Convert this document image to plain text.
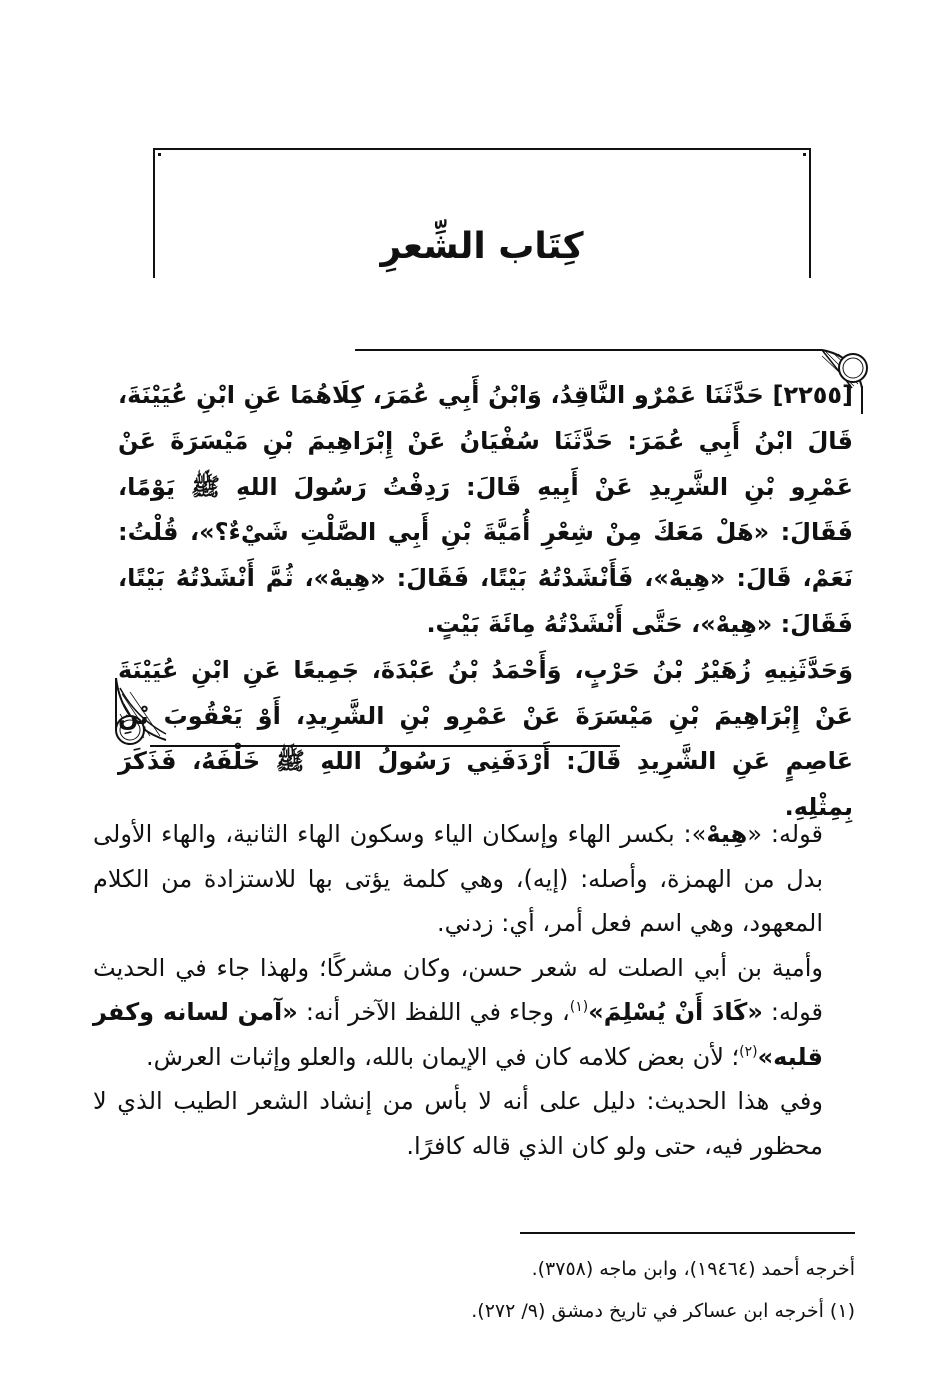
كِتَاب الشِّعرِ

[٢٢٥٥] حَدَّثَنَا عَمْرٌو النَّاقِدُ، وَابْنُ أَبِي عُمَرَ، كِلَاهُمَا عَنِ ابْنِ عُيَيْنَةَ، قَالَ ابْنُ أَبِي عُمَرَ: حَدَّثَنَا سُفْيَانُ عَنْ إِبْرَاهِيمَ بْنِ مَيْسَرَةَ عَنْ عَمْرِو بْنِ الشَّرِيدِ عَنْ أَبِيهِ قَالَ: رَدِفْتُ رَسُولَ اللهِ ﷺ يَوْمًا، فَقَالَ: «هَلْ مَعَكَ مِنْ شِعْرِ أُمَيَّةَ بْنِ أَبِي الصَّلْتِ شَيْءٌ؟»، قُلْتُ: نَعَمْ، قَالَ: «هِيهْ»، فَأَنْشَدْتُهُ بَيْتًا، فَقَالَ: «هِيهْ»، ثُمَّ أَنْشَدْتُهُ بَيْتًا، فَقَالَ: «هِيهْ»، حَتَّى أَنْشَدْتُهُ مِائَةَ بَيْتٍ.

وَحَدَّثَنِيهِ زُهَيْرُ بْنُ حَرْبٍ، وَأَحْمَدُ بْنُ عَبْدَةَ، جَمِيعًا عَنِ ابْنِ عُيَيْنَةَ عَنْ إِبْرَاهِيمَ بْنِ مَيْسَرَةَ عَنْ عَمْرِو بْنِ الشَّرِيدِ، أَوْ يَعْقُوبَ بْنِ عَاصِمٍ عَنِ الشَّرِيدِ قَالَ: أَرْدَفَنِي رَسُولُ اللهِ ﷺ خَلْفَهُ، فَذَكَرَ بِمِثْلِهِ.

قوله: «هِيهْ»: بكسر الهاء وإسكان الياء وسكون الهاء الثانية، والهاء الأولى بدل من الهمزة، وأصله: (إيه)، وهي كلمة يؤتى بها للاستزادة من الكلام المعهود، وهي اسم فعل أمر، أي: زدني.

وأمية بن أبي الصلت له شعر حسن، وكان مشركًا؛ ولهذا جاء في الحديث قوله: «كَادَ أَنْ يُسْلِمَ»$^{(١)}$، وجاء في اللفظ الآخر أنه: «آمن لسانه وكفر قلبه»$^{(٢)}$؛ لأن بعض كلامه كان في الإيمان بالله، والعلو وإثبات العرش.

وفي هذا الحديث: دليل على أنه لا بأس من إنشاد الشعر الطيب الذي لا محظور فيه، حتى ولو كان الذي قاله كافرًا.

أخرجه أحمد (١٩٤٦٤)، وابن ماجه (٣٧٥٨).

(١) أخرجه ابن عساكر في تاريخ دمشق (٩/ ٢٧٢).
